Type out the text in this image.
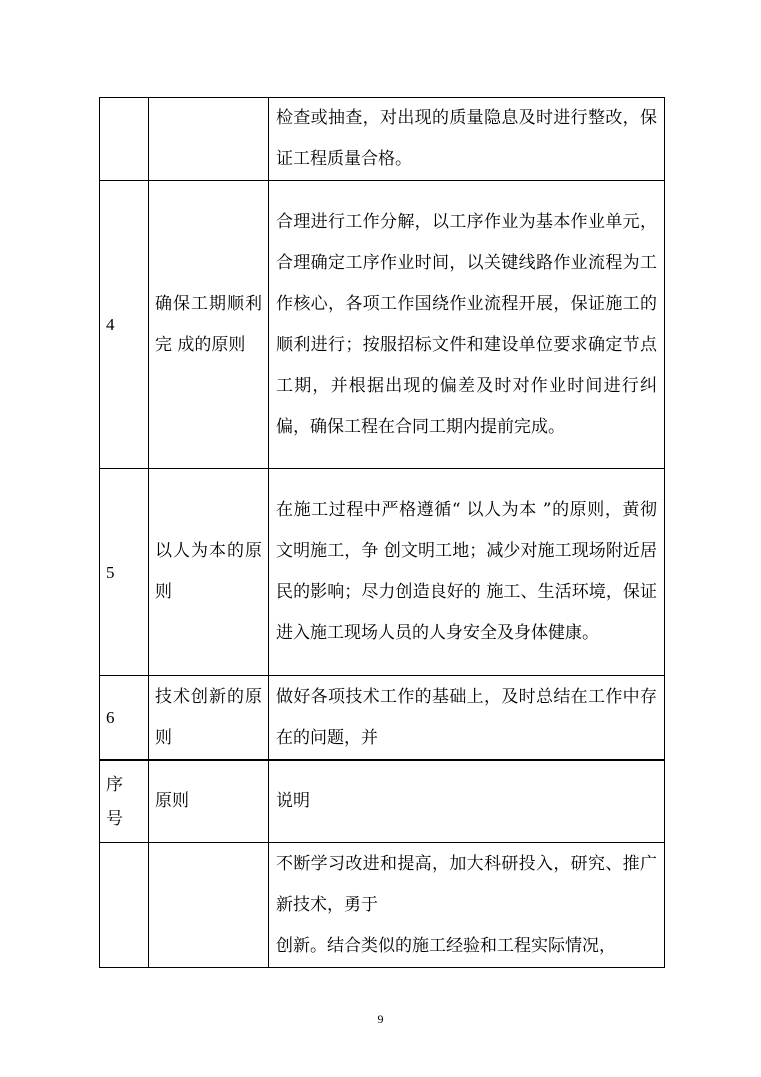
		检查或抽查，对出现的质量隐息及时进行整改，保证工程质量合格。

4	确保工期顺利完 成的原则	合理进行工作分解，以工序作业为基本作业单元，合理确定工序作业时间，以关键线路作业流程为工作核心，各项工作国绕作业流程开展，保证施工的顺利进行；按服招标文件和建设单位要求确定节点工期，并根据出现的偏差及时对作业时间进行纠偏，确保工程在合同工期内提前完成。

5	以人为本的原则	在施工过程中严格遵循“ 以人为本 ”的原则，黄彻文明施工，争 创文明工地；减少对施工现场附近居民的影响；尽力创造良好的 施工、生活环境，保证进入施工现场人员的人身安全及身体健康。

6	技术创新的原则	做好各项技术工作的基础上，及时总结在工作中存在的问题，并
序号	原则	说明

		不断学习改进和提高，加大科研投入，研究、推广新技术，勇于
创新。结合类似的施工经验和工程实际情况，
9
